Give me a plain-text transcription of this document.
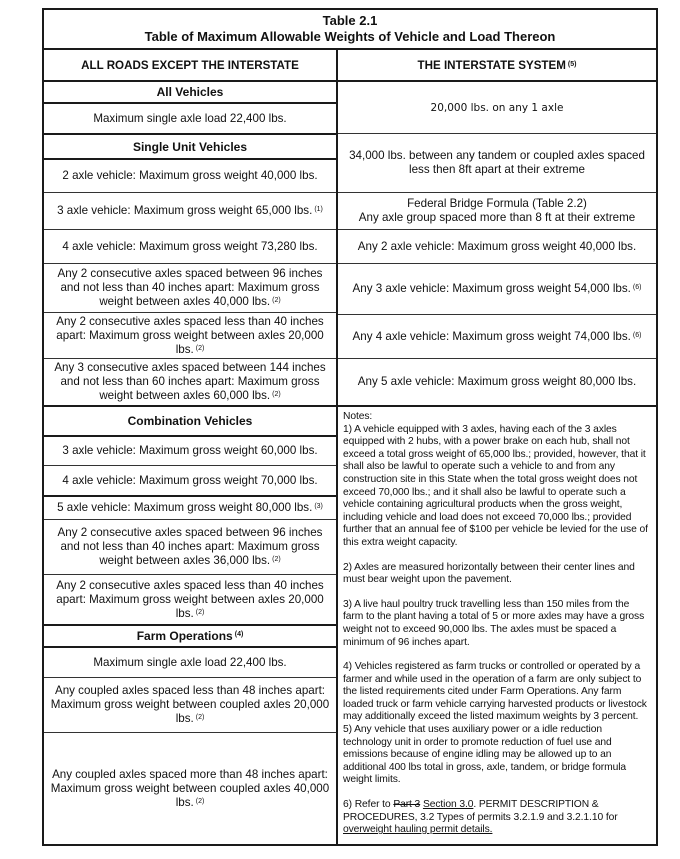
Table 2.1
Table of Maximum Allowable Weights of Vehicle and Load Thereon
ALL ROADS EXCEPT THE INTERSTATE	THE INTERSTATE SYSTEM $^{(5)}$
All Vehicles
Maximum single axle load 22,400 lbs.
Single Unit Vehicles
2 axle vehicle: Maximum gross weight 40,000 lbs.
3 axle vehicle: Maximum gross weight 65,000 lbs. $^{(1)}$
4 axle vehicle: Maximum gross weight 73,280 lbs.
Any 2 consecutive axles spaced between 96 inches and not less than 40 inches apart: Maximum gross weight between axles 40,000 lbs. $^{(2)}$
Any 2 consecutive axles spaced less than 40 inches apart: Maximum gross weight between axles 20,000 lbs. $^{(2)}$
Any 3 consecutive axles spaced between 144 inches and not less than 60 inches apart: Maximum gross weight between axles 60,000 lbs. $^{(2)}$
Combination Vehicles
3 axle vehicle: Maximum gross weight 60,000 lbs.
4 axle vehicle: Maximum gross weight 70,000 lbs.
5 axle vehicle: Maximum gross weight 80,000 lbs. $^{(3)}$
Any 2 consecutive axles spaced between 96 inches and not less than 40 inches apart: Maximum gross weight between axles 36,000 lbs. $^{(2)}$
Any 2 consecutive axles spaced less than 40 inches apart: Maximum gross weight between axles 20,000 lbs. $^{(2)}$
Farm Operations $^{(4)}$
Maximum single axle load 22,400 lbs.
Any coupled axles spaced less than 48 inches apart: Maximum gross weight between coupled axles 20,000 lbs. $^{(2)}$
Any coupled axles spaced more than 48 inches apart: Maximum gross weight between coupled axles 40,000 lbs. $^{(2)}$
20,000 lbs. on any 1 axle
34,000 lbs. between any tandem or coupled axles spaced less then 8ft apart at their extreme
Federal Bridge Formula (Table 2.2)
Any axle group spaced more than 8 ft at their extreme
Any 2 axle vehicle: Maximum gross weight 40,000 lbs.
Any 3 axle vehicle: Maximum gross weight 54,000 lbs. $^{(6)}$
Any 4 axle vehicle: Maximum gross weight 74,000 lbs. $^{(6)}$
Any 5 axle vehicle: Maximum gross weight 80,000 lbs.
Notes:

1) A vehicle equipped with 3 axles, having each of the 3 axles equipped with 2 hubs, with a power brake on each hub, shall not exceed a total gross weight of 65,000 lbs.; provided, however, that it shall also be lawful to operate such a vehicle to and from any construction site in this State when the total gross weight does not exceed 70,000 lbs.; and it shall also be lawful to operate such a vehicle containing agricultural products when the gross weight, including vehicle and load does not exceed 70,000 lbs.; provided further that an annual fee of $100 per vehicle be levied for the use of this extra weight capacity.

2) Axles are measured horizontally between their center lines and must bear weight upon the pavement.

3) A live haul poultry truck travelling less than 150 miles from the farm to the plant having a total of 5 or more axles may have a gross weight not to exceed 90,000 lbs. The axles must be spaced a minimum of 96 inches apart.

4) Vehicles registered as farm trucks or controlled or operated by a farmer and while used in the operation of a farm are only subject to the listed requirements cited under Farm Operations. Any farm loaded truck or farm vehicle carrying harvested products or livestock may additionally exceed the listed maximum weights by 3 percent.

5) Any vehicle that uses auxiliary power or a idle reduction technology unit in order to promote reduction of fuel use and emissions because of engine idling may be allowed up to an additional 400 lbs total in gross, axle, tandem, or bridge formula weight limits.

6) Refer to Part 3 Section 3.0. PERMIT DESCRIPTION & PROCEDURES, 3.2 Types of permits 3.2.1.9 and 3.2.1.10 for overweight hauling permit details.
